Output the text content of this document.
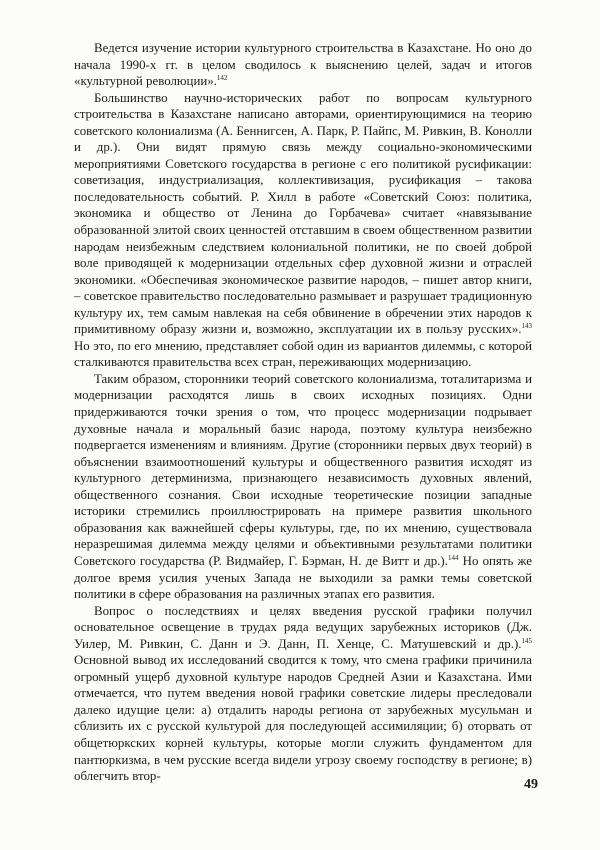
Ведется изучение истории культурного строительства в Казахстане. Но оно до начала 1990-х гг. в целом сводилось к выяснению целей, задач и итогов «культурной революции».$^{142}$

Большинство научно-исторических работ по вопросам культурного строительства в Казахстане написано авторами, ориентирующимися на теорию советского колониализма (А. Беннигсен, А. Парк, Р. Пайпс, М. Ривкин, В. Конолли и др.). Они видят прямую связь между социально-экономическими мероприятиями Советского государства в регионе с его политикой русификации: советизация, индустриализация, коллективизация, русификация – такова последовательность событий. Р. Хилл в работе «Советский Союз: политика, экономика и общество от Ленина до Горбачева» считает «навязывание образованной элитой своих ценностей отставшим в своем общественном развитии народам неизбежным следствием колониальной политики, не по своей доброй воле приводящей к модернизации отдельных сфер духовной жизни и отраслей экономики. «Обеспечивая экономическое развитие народов, – пишет автор книги, – советское правительство последовательно размывает и разрушает традиционную культуру их, тем самым навлекая на себя обвинение в обречении этих народов к примитивному образу жизни и, возможно, эксплуатации их в пользу русских».$^{143}$ Но это, по его мнению, представляет собой один из вариантов дилеммы, с которой сталкиваются правительства всех стран, переживающих модернизацию.

Таким образом, сторонники теорий советского колониализма, тоталитаризма и модернизации расходятся лишь в своих исходных позициях. Одни придерживаются точки зрения о том, что процесс модернизации подрывает духовные начала и моральный базис народа, поэтому культура неизбежно подвергается изменениям и влияниям. Другие (сторонники первых двух теорий) в объяснении взаимоотношений культуры и общественного развития исходят из культурного детерминизма, признающего независимость духовных явлений, общественного сознания. Свои исходные теоретические позиции западные историки стремились проиллюстрировать на примере развития школьного образования как важнейшей сферы культуры, где, по их мнению, существовала неразрешимая дилемма между целями и объективными результатами политики Советского государства (Р. Видмайер, Г. Бэрман, Н. де Витт и др.).$^{144}$ Но опять же долгое время усилия ученых Запада не выходили за рамки темы советской политики в сфере образования на различных этапах его развития.

Вопрос о последствиях и целях введения русской графики получил основательное освещение в трудах ряда ведущих зарубежных историков (Дж. Уилер, М. Ривкин, С. Данн и Э. Данн, П. Хенце, С. Матушевский и др.).$^{145}$ Основной вывод их исследований сводится к тому, что смена графики причинила огромный ущерб духовной культуре народов Средней Азии и Казахстана. Ими отмечается, что путем введения новой графики советские лидеры преследовали далеко идущие цели: а) отдалить народы региона от зарубежных мусульман и сблизить их с русской культурой для последующей ассимиляции; б) оторвать от общетюркских корней культуры, которые могли служить фундаментом для пантюркизма, в чем русские всегда видели угрозу своему господству в регионе; в) облегчить втор-

49
